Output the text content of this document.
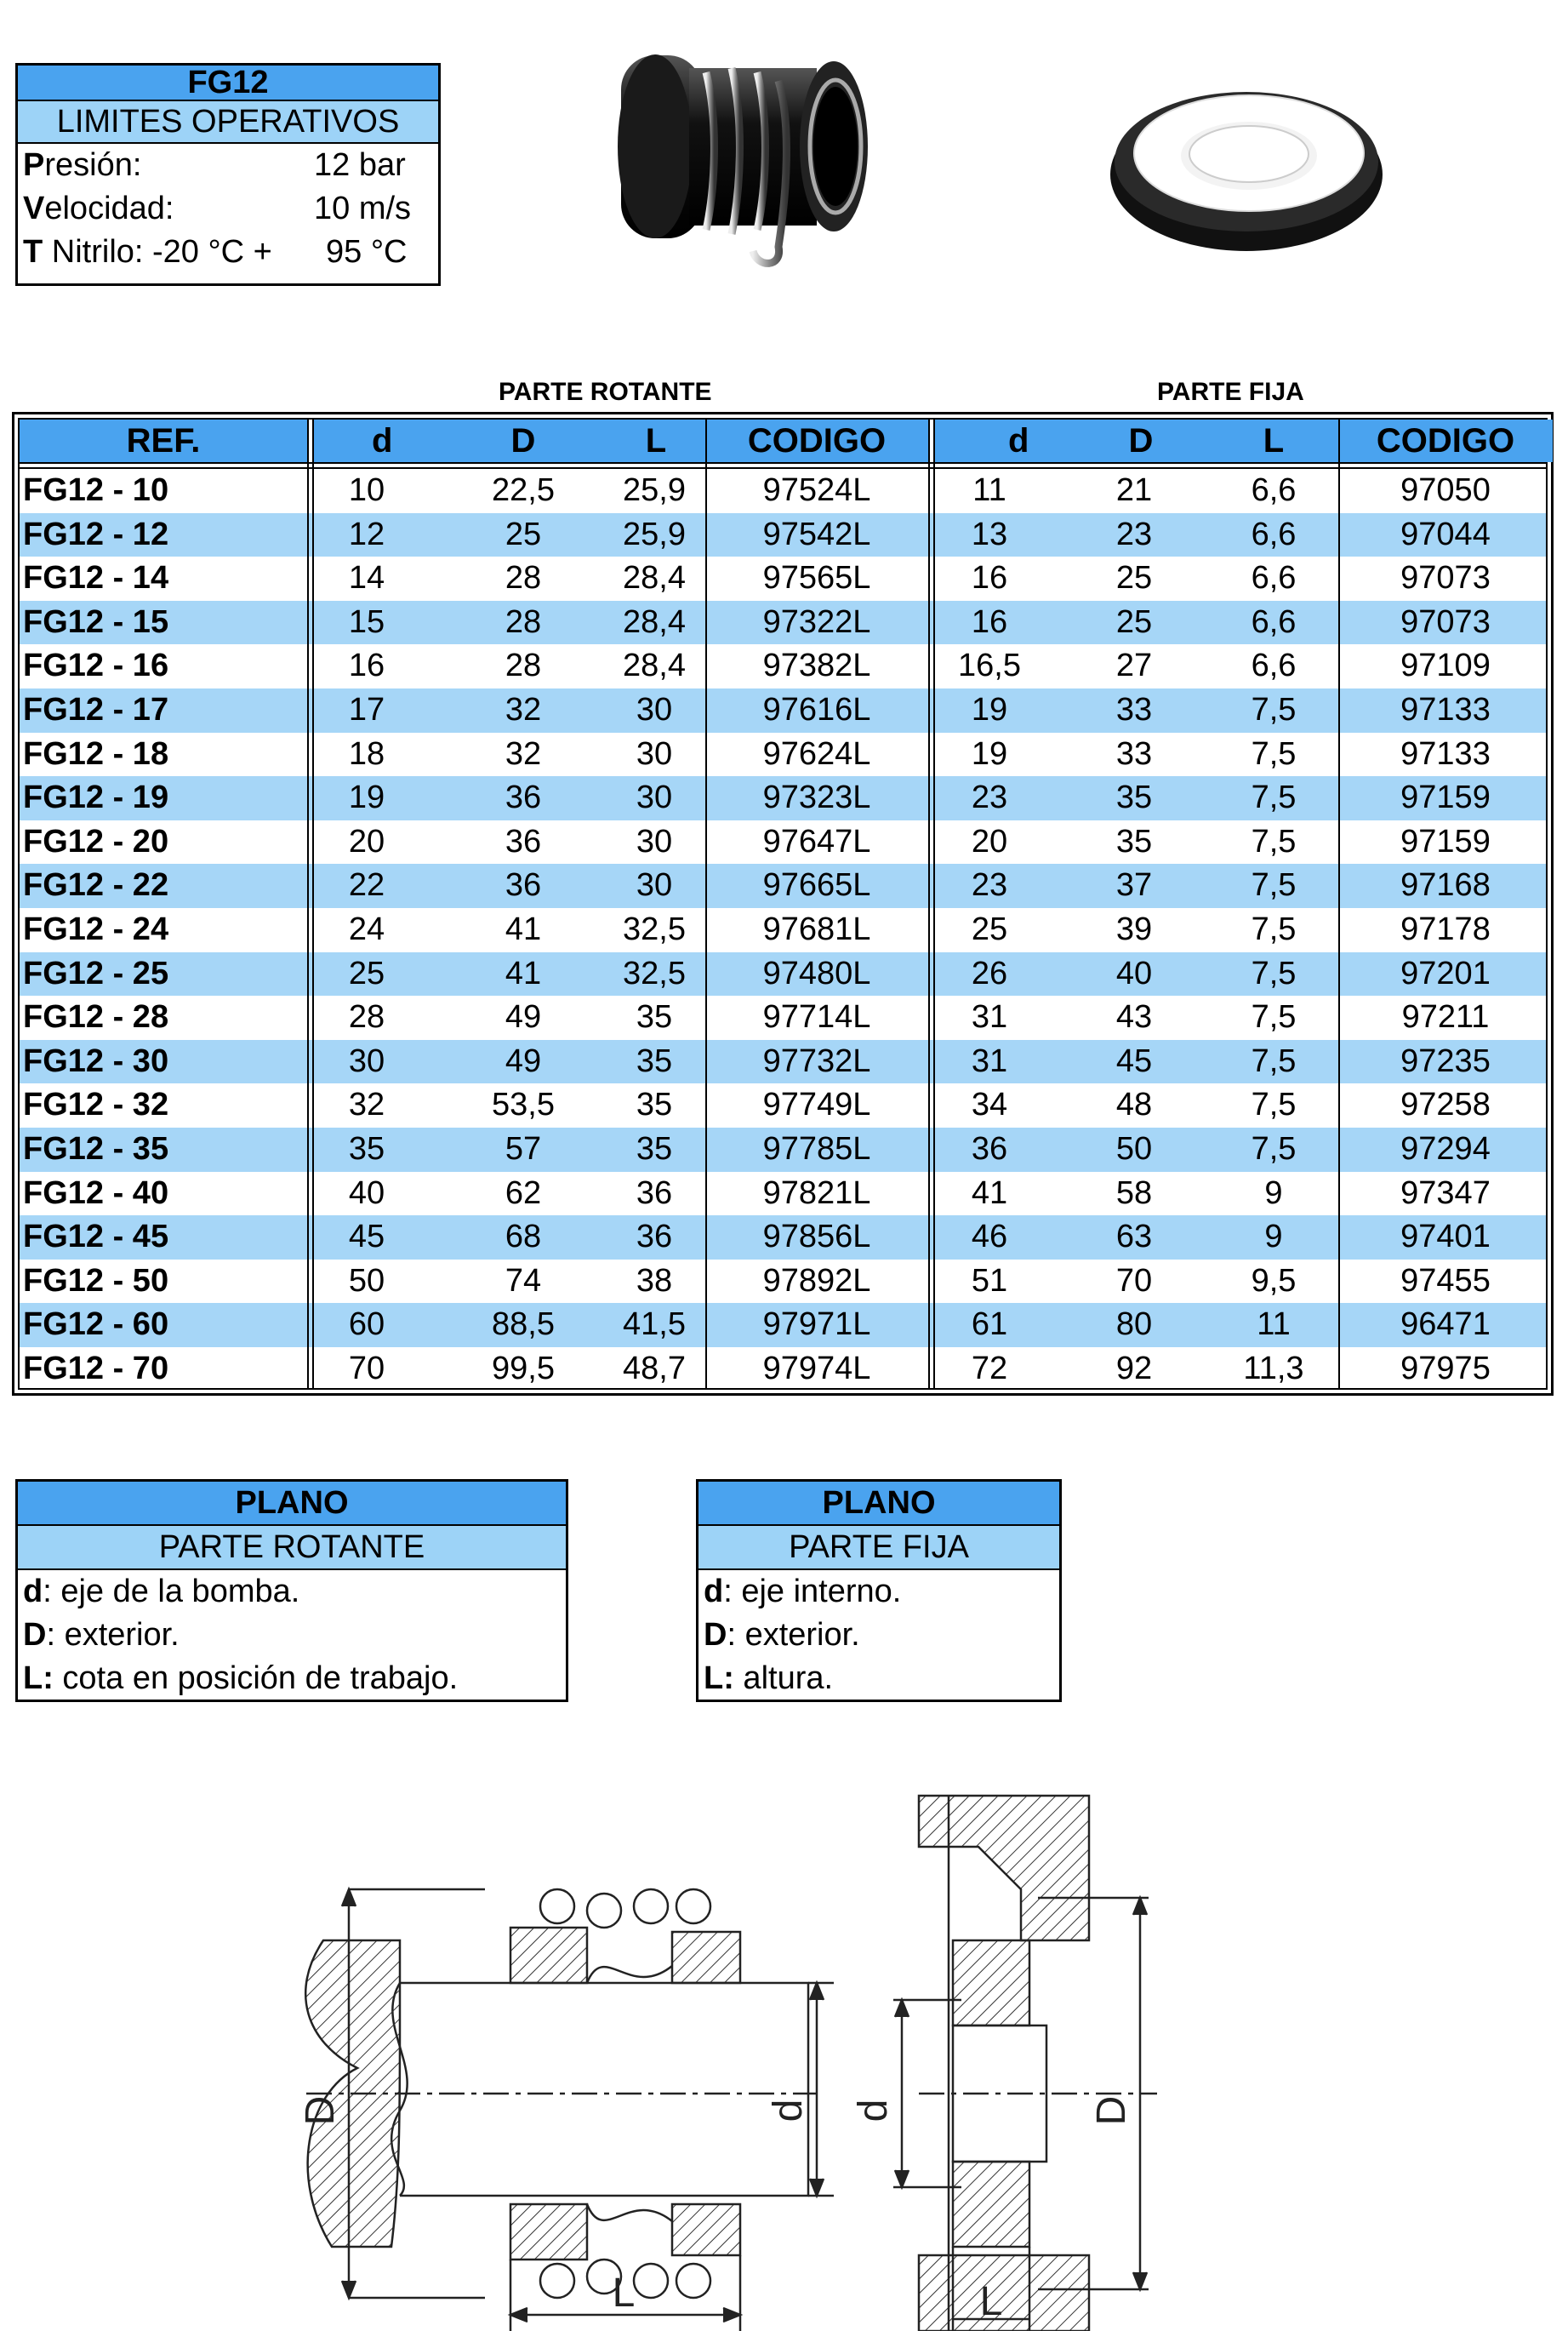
FG12
LIMITES OPERATIVOS
Presión:	12 bar
Velocidad:	10 m/s
T Nitrilo: -20 °C + 95 °C
PARTE ROTANTE	PARTE FIJA
REF.	d	D	L	CODIGO	d	D	L	CODIGO
FG12 - 10	10	22,5	25,9	97524L	11	21	6,6	97050
FG12 - 12	12	25	25,9	97542L	13	23	6,6	97044
FG12 - 14	14	28	28,4	97565L	16	25	6,6	97073
FG12 - 15	15	28	28,4	97322L	16	25	6,6	97073
FG12 - 16	16	28	28,4	97382L	16,5	27	6,6	97109
FG12 - 17	17	32	30	97616L	19	33	7,5	97133
FG12 - 18	18	32	30	97624L	19	33	7,5	97133
FG12 - 19	19	36	30	97323L	23	35	7,5	97159
FG12 - 20	20	36	30	97647L	20	35	7,5	97159
FG12 - 22	22	36	30	97665L	23	37	7,5	97168
FG12 - 24	24	41	32,5	97681L	25	39	7,5	97178
FG12 - 25	25	41	32,5	97480L	26	40	7,5	97201
FG12 - 28	28	49	35	97714L	31	43	7,5	97211
FG12 - 30	30	49	35	97732L	31	45	7,5	97235
FG12 - 32	32	53,5	35	97749L	34	48	7,5	97258
FG12 - 35	35	57	35	97785L	36	50	7,5	97294
FG12 - 40	40	62	36	97821L	41	58	9	97347
FG12 - 45	45	68	36	97856L	46	63	9	97401
FG12 - 50	50	74	38	97892L	51	70	9,5	97455
FG12 - 60	60	88,5	41,5	97971L	61	80	11	96471
FG12 - 70	70	99,5	48,7	97974L	72	92	11,3	97975
PLANO
PARTE ROTANTE
d: eje de la bomba.
D: exterior.
L: cota en posición de trabajo.
PLANO
PARTE FIJA
d: eje interno.
D: exterior.
L: altura.
D	d
L
d	D
L
